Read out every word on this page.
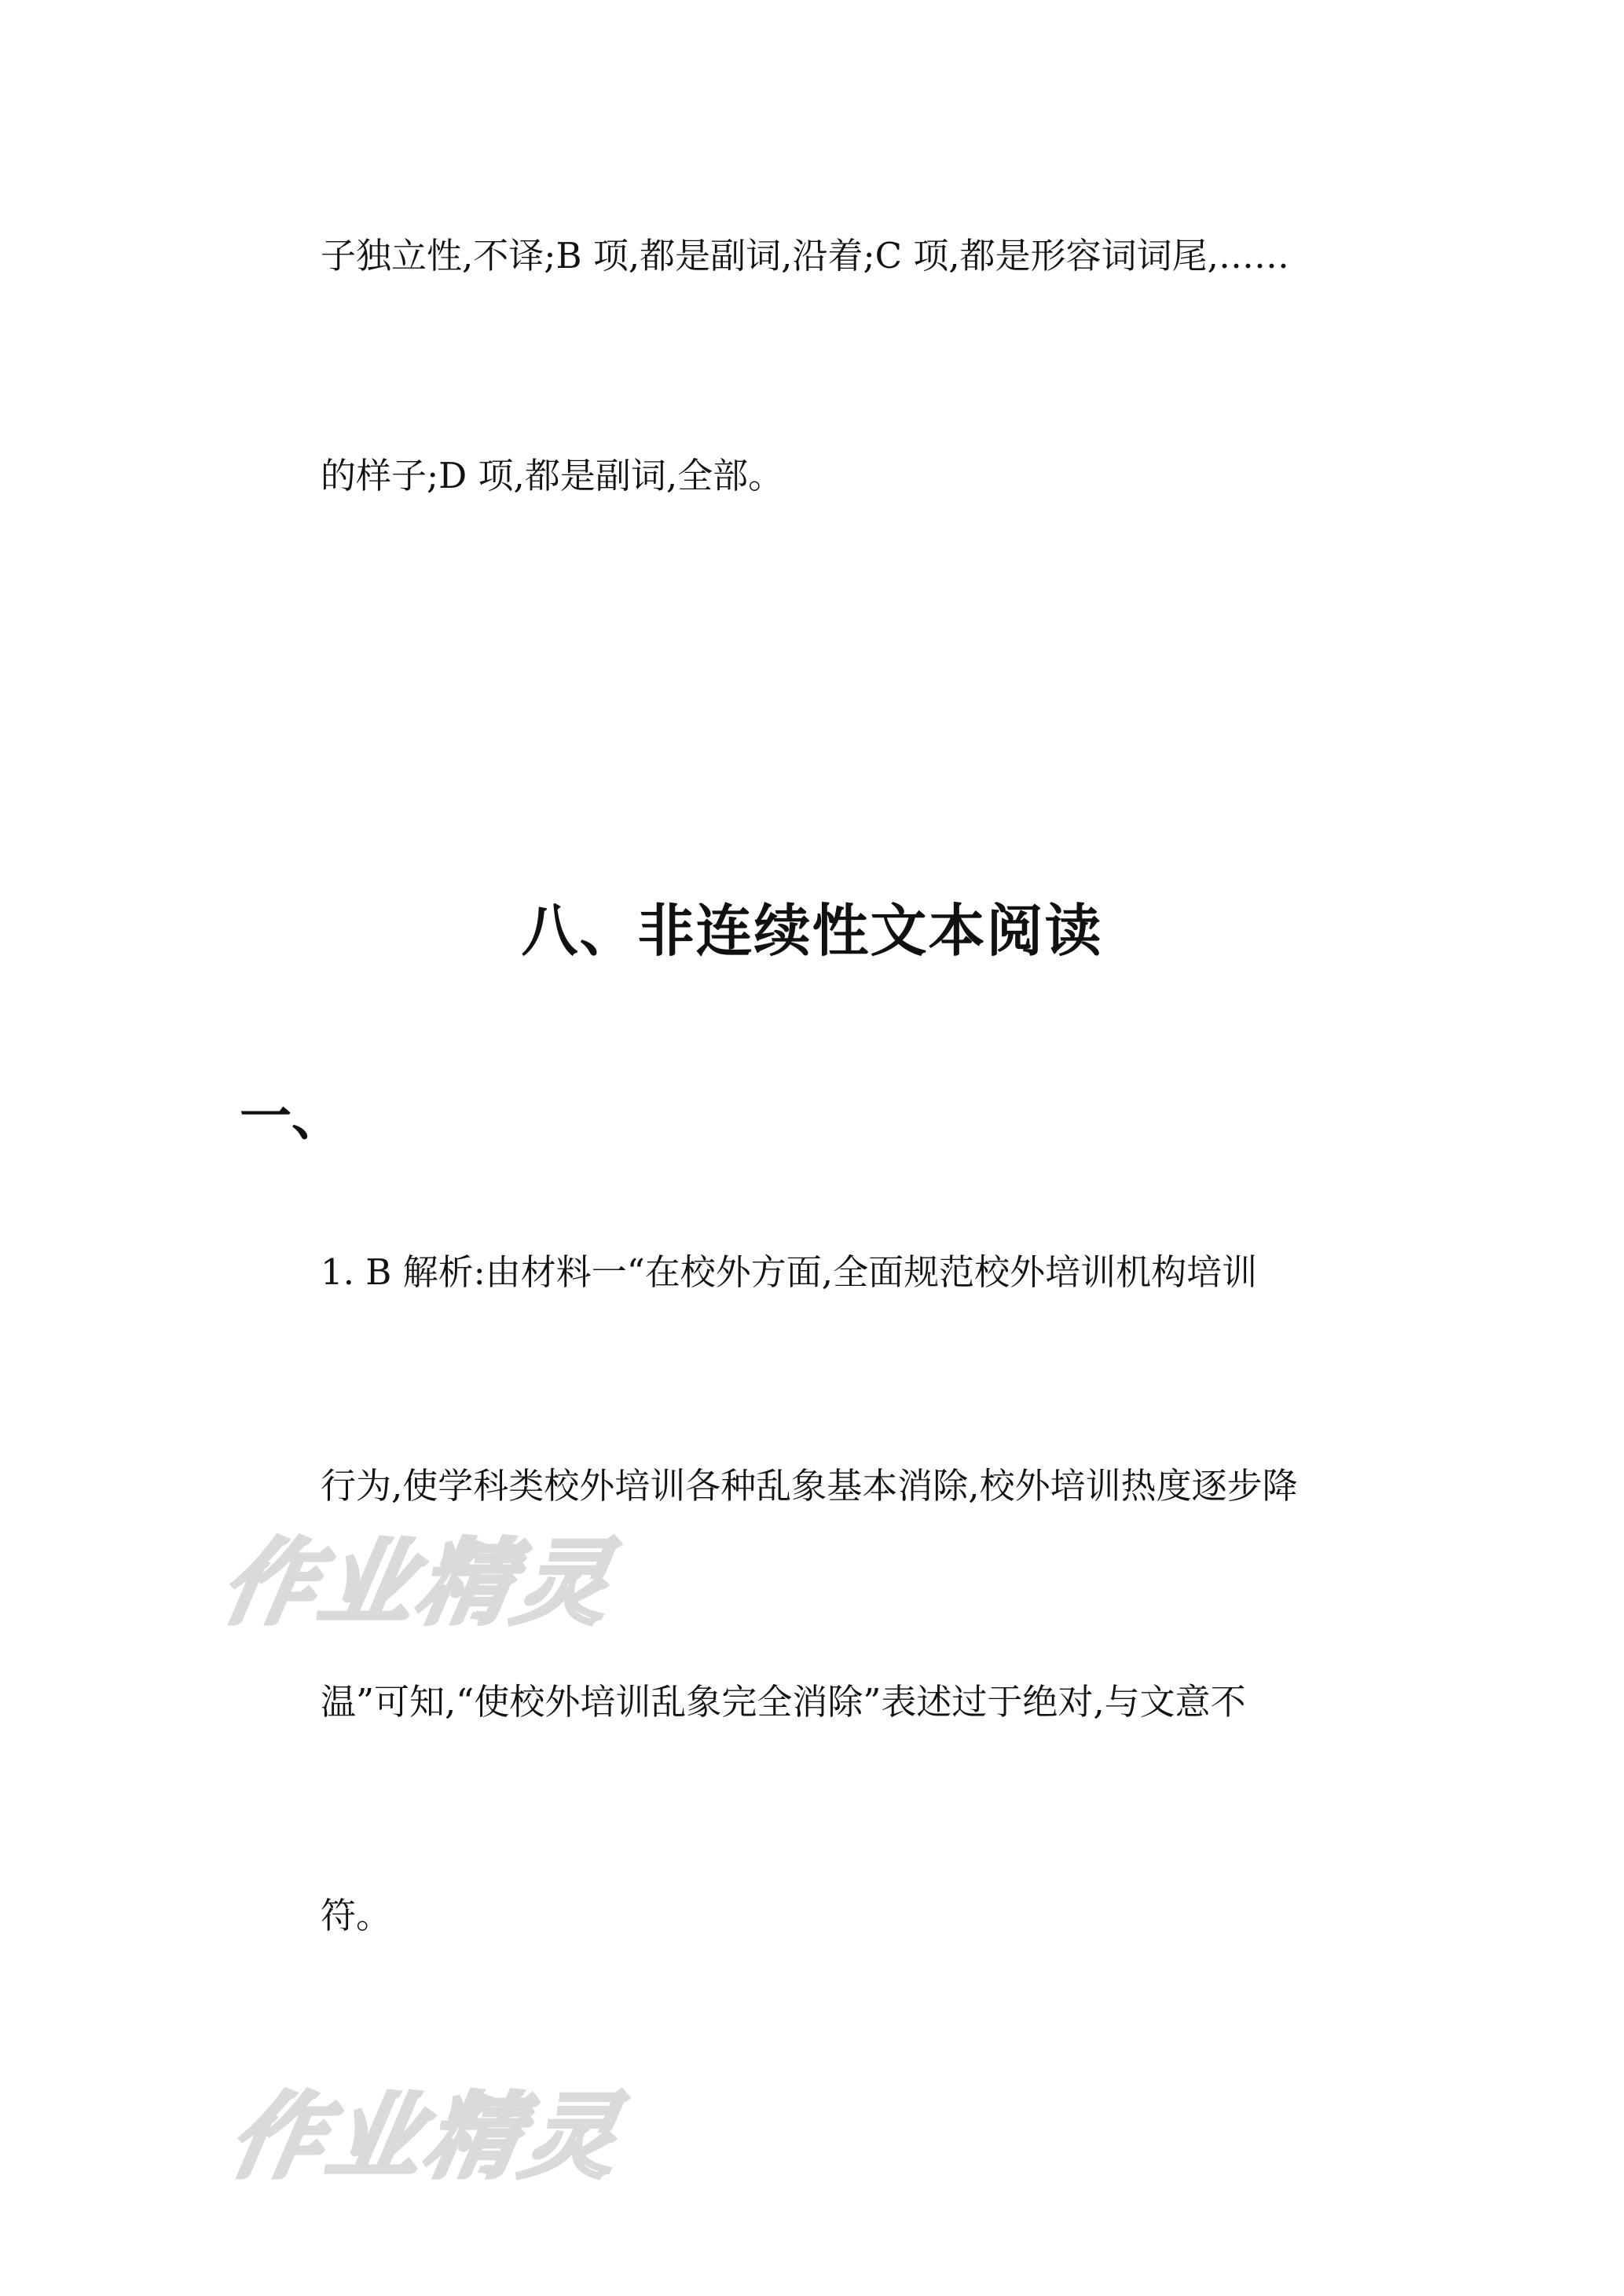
子独立性,不译;B 项,都是副词,沿着;C 项,都是形容词词尾,……
的样子;D 项,都是副词,全部。
八、非连续性文本阅读
一、
1. B 解析:由材料一“在校外方面,全面规范校外培训机构培训
行为,使学科类校外培训各种乱象基本消除,校外培训热度逐步降
温”可知,“使校外培训乱象完全消除”表述过于绝对,与文意不
符。
作业精灵
作业精灵
